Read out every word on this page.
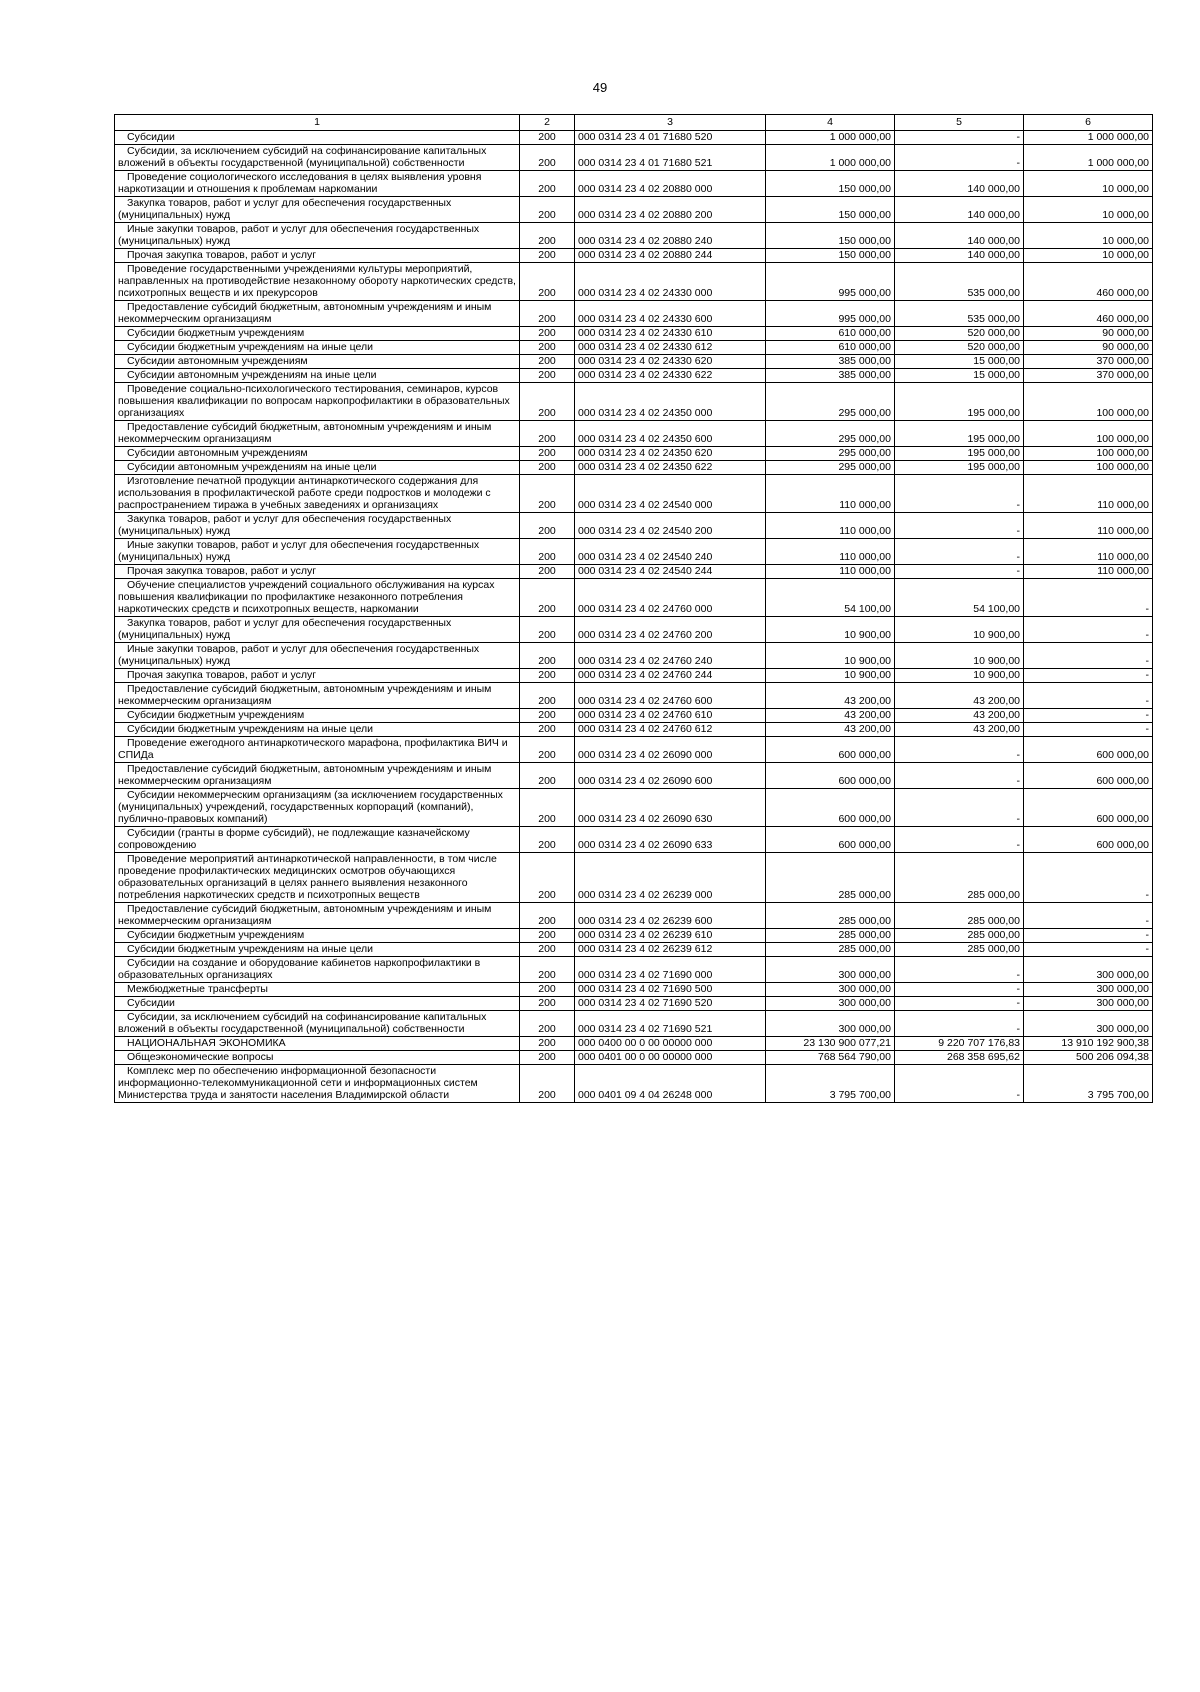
49
1	2	3	4	5	6

Субсидии	200	000 0314 23 4 01 71680 520	1 000 000,00	-	1 000 000,00

Субсидии, за исключением субсидий на софинансирование капитальных вложений в объекты государственной (муниципальной) собственности	200	000 0314 23 4 01 71680 521	1 000 000,00	-	1 000 000,00

Проведение социологического исследования в целях выявления уровня наркотизации и отношения к проблемам наркомании	200	000 0314 23 4 02 20880 000	150 000,00	140 000,00	10 000,00

Закупка товаров, работ и услуг для обеспечения государственных (муниципальных) нужд	200	000 0314 23 4 02 20880 200	150 000,00	140 000,00	10 000,00

Иные закупки товаров, работ и услуг для обеспечения государственных (муниципальных) нужд	200	000 0314 23 4 02 20880 240	150 000,00	140 000,00	10 000,00

Прочая закупка товаров, работ и услуг	200	000 0314 23 4 02 20880 244	150 000,00	140 000,00	10 000,00

Проведение государственными учреждениями культуры мероприятий, направленных на противодействие незаконному обороту наркотических средств, психотропных веществ и их прекурсоров	200	000 0314 23 4 02 24330 000	995 000,00	535 000,00	460 000,00

Предоставление субсидий бюджетным, автономным учреждениям и иным некоммерческим организациям	200	000 0314 23 4 02 24330 600	995 000,00	535 000,00	460 000,00

Субсидии бюджетным учреждениям	200	000 0314 23 4 02 24330 610	610 000,00	520 000,00	90 000,00

Субсидии бюджетным учреждениям на иные цели	200	000 0314 23 4 02 24330 612	610 000,00	520 000,00	90 000,00

Субсидии автономным учреждениям	200	000 0314 23 4 02 24330 620	385 000,00	15 000,00	370 000,00

Субсидии автономным учреждениям на иные цели	200	000 0314 23 4 02 24330 622	385 000,00	15 000,00	370 000,00

Проведение социально-психологического тестирования, семинаров, курсов повышения квалификации по вопросам наркопрофилактики в образовательных организациях	200	000 0314 23 4 02 24350 000	295 000,00	195 000,00	100 000,00

Предоставление субсидий бюджетным, автономным учреждениям и иным некоммерческим организациям	200	000 0314 23 4 02 24350 600	295 000,00	195 000,00	100 000,00

Субсидии автономным учреждениям	200	000 0314 23 4 02 24350 620	295 000,00	195 000,00	100 000,00

Субсидии автономным учреждениям на иные цели	200	000 0314 23 4 02 24350 622	295 000,00	195 000,00	100 000,00

Изготовление печатной продукции антинаркотического содержания для использования в профилактической работе среди подростков и молодежи с распространением тиража в учебных заведениях и организациях	200	000 0314 23 4 02 24540 000	110 000,00	-	110 000,00

Закупка товаров, работ и услуг для обеспечения государственных (муниципальных) нужд	200	000 0314 23 4 02 24540 200	110 000,00	-	110 000,00

Иные закупки товаров, работ и услуг для обеспечения государственных (муниципальных) нужд	200	000 0314 23 4 02 24540 240	110 000,00	-	110 000,00

Прочая закупка товаров, работ и услуг	200	000 0314 23 4 02 24540 244	110 000,00	-	110 000,00

Обучение специалистов учреждений социального обслуживания на курсах повышения квалификации по профилактике незаконного потребления наркотических средств и психотропных веществ, наркомании	200	000 0314 23 4 02 24760 000	54 100,00	54 100,00	-

Закупка товаров, работ и услуг для обеспечения государственных (муниципальных) нужд	200	000 0314 23 4 02 24760 200	10 900,00	10 900,00	-

Иные закупки товаров, работ и услуг для обеспечения государственных (муниципальных) нужд	200	000 0314 23 4 02 24760 240	10 900,00	10 900,00	-

Прочая закупка товаров, работ и услуг	200	000 0314 23 4 02 24760 244	10 900,00	10 900,00	-

Предоставление субсидий бюджетным, автономным учреждениям и иным некоммерческим организациям	200	000 0314 23 4 02 24760 600	43 200,00	43 200,00	-

Субсидии бюджетным учреждениям	200	000 0314 23 4 02 24760 610	43 200,00	43 200,00	-

Субсидии бюджетным учреждениям на иные цели	200	000 0314 23 4 02 24760 612	43 200,00	43 200,00	-

Проведение ежегодного антинаркотического марафона, профилактика ВИЧ и СПИДа	200	000 0314 23 4 02 26090 000	600 000,00	-	600 000,00

Предоставление субсидий бюджетным, автономным учреждениям и иным некоммерческим организациям	200	000 0314 23 4 02 26090 600	600 000,00	-	600 000,00

Субсидии некоммерческим организациям (за исключением государственных (муниципальных) учреждений, государственных корпораций (компаний), публично-правовых компаний)	200	000 0314 23 4 02 26090 630	600 000,00	-	600 000,00

Субсидии (гранты в форме субсидий), не подлежащие казначейскому сопровождению	200	000 0314 23 4 02 26090 633	600 000,00	-	600 000,00

Проведение мероприятий антинаркотической направленности, в том числе проведение профилактических медицинских осмотров обучающихся образовательных организаций в целях раннего выявления незаконного потребления наркотических средств и психотропных веществ	200	000 0314 23 4 02 26239 000	285 000,00	285 000,00	-

Предоставление субсидий бюджетным, автономным учреждениям и иным некоммерческим организациям	200	000 0314 23 4 02 26239 600	285 000,00	285 000,00	-

Субсидии бюджетным учреждениям	200	000 0314 23 4 02 26239 610	285 000,00	285 000,00	-

Субсидии бюджетным учреждениям на иные цели	200	000 0314 23 4 02 26239 612	285 000,00	285 000,00	-

Субсидии на создание и оборудование кабинетов наркопрофилактики в образовательных организациях	200	000 0314 23 4 02 71690 000	300 000,00	-	300 000,00

Межбюджетные трансферты	200	000 0314 23 4 02 71690 500	300 000,00	-	300 000,00

Субсидии	200	000 0314 23 4 02 71690 520	300 000,00	-	300 000,00

Субсидии, за исключением субсидий на софинансирование капитальных вложений в объекты государственной (муниципальной) собственности	200	000 0314 23 4 02 71690 521	300 000,00	-	300 000,00

НАЦИОНАЛЬНАЯ ЭКОНОМИКА	200	000 0400 00 0 00 00000 000	23 130 900 077,21	9 220 707 176,83	13 910 192 900,38

Общеэкономические вопросы	200	000 0401 00 0 00 00000 000	768 564 790,00	268 358 695,62	500 206 094,38

Комплекс мер по обеспечению информационной безопасности информационно-телекоммуникационной сети и информационных систем Министерства труда и занятости населения Владимирской области	200	000 0401 09 4 04 26248 000	3 795 700,00	-	3 795 700,00
